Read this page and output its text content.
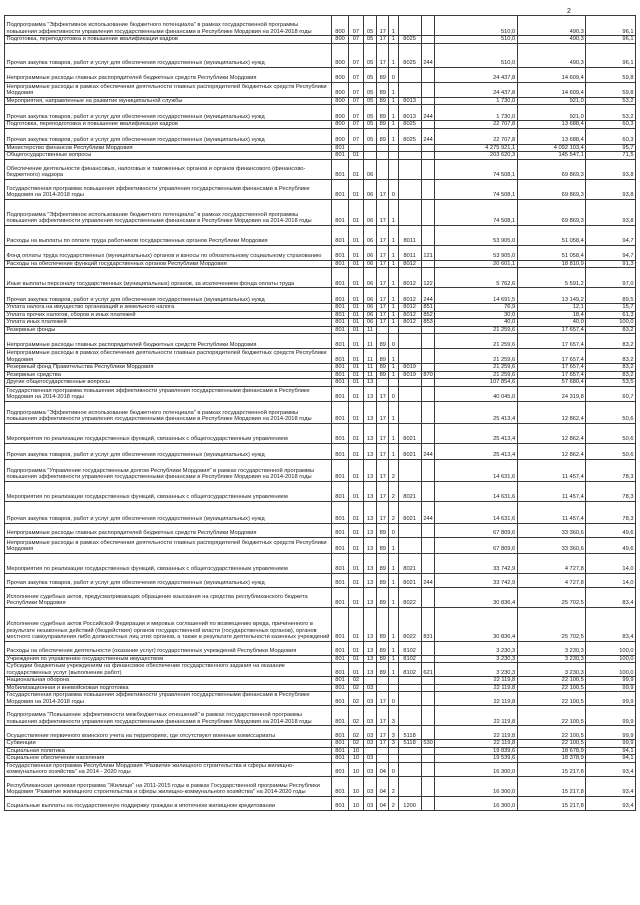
2
Подпрограмма "Эффективное использование бюджетного потенциала" в рамках государственной программы повышения эффективности управления государственными финансами в Республике Мордовия на 2014-2018 годы	800	07	05	17	1			510,0	490,3	96,1
Подготовка, переподготовка и повышение квалификации кадров	800	07	05	17	1	8025		510,0	490,3	96,1
Прочая закупка товаров, работ и услуг для обеспечения государственных (муниципальных) нужд	800	07	05	17	1	8025	244	510,0	490,3	96,1
Непрограммные расходы главных распорядителей бюджетных средств Республики Мордовия	800	07	05	89	0			24 437,8	14 609,4	59,8
Непрограммные расходы в рамках обеспечения деятельности главных распорядителей бюджетных средств Республики Мордовия	800	07	05	89	1			24 437,8	14 609,4	59,8
Мероприятия, направленные на развитие муниципальной службы	800	07	05	89	1	8013		1 730,0	921,0	53,2
Прочая закупка товаров, работ и услуг для обеспечения государственных (муниципальных) нужд	800	07	05	89	1	8013	244	1 730,0	921,0	53,2
Подготовка, переподготовка и повышение квалификации кадров	800	07	05	89	1	8025		22 707,8	13 688,4	60,3
Прочая закупка товаров, работ и услуг для обеспечения государственных (муниципальных) нужд	800	07	05	89	1	8025	244	22 707,8	13 688,4	60,3
Министерство финансов Республики Мордовия	801							4 275 921,1	4 092 103,4	95,7
Общегосударственные вопросы	801	01						203 620,3	145 547,1	71,5
Обеспечение деятельности финансовых, налоговых и таможенных органов и органов финансового (финансово-бюджетного) надзора	801	01	06					74 508,1	69 869,3	93,8
Государственная программа повышения эффективности управления государственными финансами в Республике Мордовия на 2014-2018 годы	801	01	06	17	0			74 508,1	69 869,3	93,8
Подпрограмма "Эффективное использование бюджетного потенциала" в рамках государственной программы повышения эффективности управления государственными финансами в Республике Мордовия на 2014-2018 годы	801	01	06	17	1			74 508,1	69 869,3	93,8
Расходы на выплаты по оплате труда работников государственных органов Республики Мордовия	801	01	06	17	1	8011		53 905,0	51 058,4	94,7
Фонд оплаты труда государственных (муниципальных) органов и взносы по обязательному социальному страхованию	801	01	06	17	1	8011	121	53 905,0	51 058,4	94,7
Расходы на обеспечение функций государственных органов Республики Мордовия	801	01	06	17	1	8012		20 601,1	18 810,9	91,3
Иные выплаты персоналу государственных (муниципальных) органов, за исключением фонда оплаты труда	801	01	06	17	1	8012	122	5 762,6	5 591,2	97,0
Прочая закупка товаров, работ и услуг для обеспечения государственных (муниципальных) нужд	801	01	06	17	1	8012	244	14 691,5	13 149,2	89,5
Уплата налога на имущество организаций и земельного налога	801	01	06	17	1	8012	851	76,9	12,1	15,7
Уплата прочих налогов, сборов и иных платежей	801	01	06	17	1	8012	852	30,0	18,4	61,3
Уплата иных платежей	801	01	06	17	1	8012	853	40,0	40,0	100,0
Резервные фонды	801	01	11					21 259,6	17 657,4	83,2
Непрограммные расходы главных распорядителей бюджетных средств Республики Мордовия	801	01	11	89	0			21 259,6	17 657,4	83,2
Непрограммные расходы в рамках обеспечения деятельности главных распорядителей бюджетных средств Республики Мордовия	801	01	11	89	1			21 259,6	17 657,4	83,2
Резервный фонд Правительства Республики Мордовия	801	01	11	89	1	8019		21 259,6	17 657,4	83,2
Резервные средства	801	01	11	89	1	8019	870	21 259,6	17 657,4	83,2
Другие общегосударственные вопросы	801	01	13					107 854,6	57 680,4	53,5
Государственная программа повышения эффективности управления государственными финансами в Республике Мордовия на 2014-2018 годы	801	01	13	17	0			40 045,0	24 319,8	60,7
Подпрограмма "Эффективное использование бюджетного потенциала" в рамках государственной программы повышения эффективности управления государственными финансами в Республике Мордовия на 2014-2018 годы	801	01	13	17	1			25 413,4	12 862,4	50,6
Мероприятия по реализации государственных функций, связанных с общегосударственным управлением	801	01	13	17	1	8021		25 413,4	12 862,4	50,6
Прочая закупка товаров, работ и услуг для обеспечения государственных (муниципальных) нужд	801	01	13	17	1	8021	244	25 413,4	12 862,4	50,6
Подпрограмма "Управление государственным долгом Республики Мордовия" в рамках государственной программы повышения эффективности управления государственными финансами в Республике Мордовия на 2014-2018 годы	801	01	13	17	2			14 631,6	11 457,4	78,3
Мероприятия по реализации государственных функций, связанных с общегосударственным управлением	801	01	13	17	2	8021		14 631,6	11 457,4	78,3
Прочая закупка товаров, работ и услуг для обеспечения государственных (муниципальных) нужд	801	01	13	17	2	8021	244	14 631,6	11 457,4	78,3
Непрограммные расходы главных распорядителей бюджетных средств Республики Мордовия	801	01	13	89	0			67 809,6	33 360,6	49,6
Непрограммные расходы в рамках обеспечения деятельности главных распорядителей бюджетных средств Республики Мордовия	801	01	13	89	1			67 809,6	33 360,6	49,6
Мероприятия по реализации государственных функций, связанных с общегосударственным управлением	801	01	13	89	1	8021		33 742,9	4 727,8	14,0
Прочая закупка товаров, работ и услуг для обеспечения государственных (муниципальных) нужд	801	01	13	89	1	8021	244	33 742,9	4 727,8	14,0
Исполнение судебных актов, предусматривающих обращение взыскания на средства республиканского бюджета Республики Мордовия	801	01	13	89	1	8022		30 836,4	25 702,5	83,4
Исполнение судебных актов Российской Федерации и мировых соглашений по возмещению вреда, причиненного в результате незаконных действий (бездействия) органов государственной власти (государственных органов), органов местного самоуправления либо должностных лиц этих органов, а также в результате деятельности казенных учреждений	801	01	13	89	1	8022	831	30 836,4	25 702,5	83,4
Расходы на обеспечение деятельности (оказание услуг) государственных учреждений Республики Мордовия	801	01	13	89	1	8102		3 230,3	3 230,3	100,0
Учреждения по управлению государственным имуществом	801	01	13	89	1	8102		3 230,3	3 230,3	100,0
Субсидии бюджетным учреждениям на финансовое обеспечение государственного задания на оказание государственных услуг (выполнение работ)	801	01	13	89	1	8102	621	3 230,3	3 230,3	100,0
Национальная оборона	801	02						22 119,8	22 100,5	99,9
Мобилизационная и вневойсковая подготовка	801	02	03					22 119,8	22 100,5	99,9
Государственная программа повышения эффективности управления государственными финансами в Республике Мордовия на 2014-2018 годы	801	02	03	17	0			22 119,8	22 100,5	99,9
Подпрограмма "Повышение эффективности межбюджетных отношений" в рамках государственной программы повышения эффективности управления государственными финансами в Республике Мордовия на 2014-2018 годы	801	02	03	17	3			22 119,8	22 100,5	99,9
Осуществление первичного воинского учета на территориях, где отсутствуют военные комиссариаты	801	02	03	17	3	5118		22 119,8	22 100,5	99,9
Субвенции	801	02	03	17	3	5118	530	22 119,8	22 100,5	99,9
Социальная политика	801	10						19 839,6	18 678,9	94,1
Социальное обеспечение населения	801	10	03					19 539,6	18 378,9	94,1
Государственная программа Республики Мордовия "Развитие жилищного строительства и сферы жилищно-коммунального хозяйства" на 2014 - 2020 годы	801	10	03	04	0			16 300,0	15 217,8	93,4
Республиканская целевая программа "Жилище" на 2011-2015 годы в рамках Государственной программы Республики Мордовия "Развитие жилищного строительства и сферы жилищно-коммунального хозяйства" на 2014-2020 годы	801	10	03	04	2			16 300,0	15 217,8	93,4
Социальные выплаты на государственную поддержку граждан в ипотечном жилищном кредитовании	801	10	03	04	2	1200		16 300,0	15 217,8	93,4
